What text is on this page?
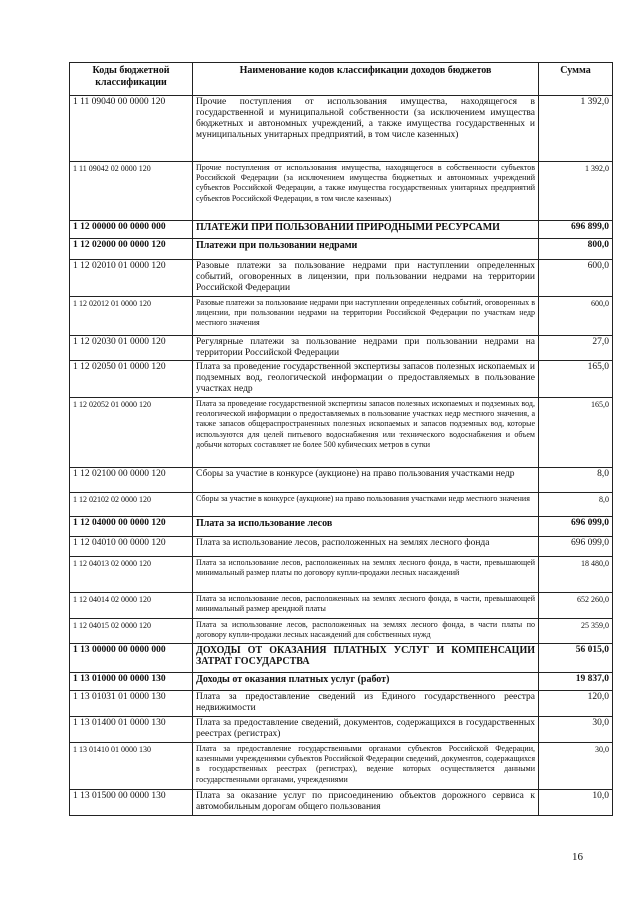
Коды бюджетной классификации	Наименование кодов классификации доходов бюджетов	Сумма
1 11 09040 00 0000 120	Прочие поступления от использования имущества, находящегося в государственной и муниципальной собственности (за исключением имущества бюджетных и автономных учреждений, а также имущества государственных и муниципальных унитарных предприятий, в том числе казенных)	1 392,0
1 11 09042 02 0000 120	Прочие поступления от использования имущества, находящегося в собственности субъектов Российской Федерации (за исключением имущества бюджетных и автономных учреждений субъектов Российской Федерации, а также имущества государственных унитарных предприятий субъектов Российской Федерации, в том числе казенных)	1 392,0
1 12 00000 00 0000 000	ПЛАТЕЖИ ПРИ ПОЛЬЗОВАНИИ ПРИРОДНЫМИ РЕСУРСАМИ	696 899,0
1 12 02000 00 0000 120	Платежи при пользовании недрами	800,0
1 12 02010 01 0000 120	Разовые платежи за пользование недрами при наступлении определенных событий, оговоренных в лицензии, при пользовании недрами на территории Российской Федерации	600,0
1 12 02012 01 0000 120	Разовые платежи за пользование недрами при наступлении определенных событий, оговоренных в лицензии, при пользовании недрами на территории Российской Федерации по участкам недр местного значения	600,0
1 12 02030 01 0000 120	Регулярные платежи за пользование недрами при пользовании недрами на территории Российской Федерации	27,0
1 12 02050 01 0000 120	Плата за проведение государственной экспертизы запасов полезных ископаемых и подземных вод, геологической информации о предоставляемых в пользование участках недр	165,0
1 12 02052 01 0000 120	Плата за проведение государственной экспертизы запасов полезных ископаемых и подземных вод, геологической информации о предоставляемых в пользование участках недр местного значения, а также запасов общераспространенных полезных ископаемых и запасов подземных вод, которые используются для целей питьевого водоснабжения или технического водоснабжения и объем добычи которых составляет не более 500 кубических метров в сутки	165,0
1 12 02100 00 0000 120	Сборы за участие в конкурсе (аукционе) на право пользования участками недр	8,0
1 12 02102 02 0000 120	Сборы за участие в конкурсе (аукционе) на право пользования участками недр местного значения	8,0
1 12 04000 00 0000 120	Плата за использование лесов	696 099,0
1 12 04010 00 0000 120	Плата за использование лесов, расположенных на землях лесного фонда	696 099,0
1 12 04013 02 0000 120	Плата за использование лесов, расположенных на землях лесного фонда, в части, превышающей минимальный размер платы по договору купли-продажи лесных насаждений	18 480,0
1 12 04014 02 0000 120	Плата за использование лесов, расположенных на землях лесного фонда, в части, превышающей минимальный размер арендной платы	652 260,0
1 12 04015 02 0000 120	Плата за использование лесов, расположенных на землях лесного фонда, в части платы по договору купли-продажи лесных насаждений для собственных нужд	25 359,0
1 13 00000 00 0000 000	ДОХОДЫ ОТ ОКАЗАНИЯ ПЛАТНЫХ УСЛУГ И КОМПЕНСАЦИИ ЗАТРАТ ГОСУДАРСТВА	56 015,0
1 13 01000 00 0000 130	Доходы от оказания платных услуг (работ)	19 837,0
1 13 01031 01 0000 130	Плата за предоставление сведений из Единого государственного реестра недвижимости	120,0
1 13 01400 01 0000 130	Плата за предоставление сведений, документов, содержащихся в государственных реестрах (регистрах)	30,0
1 13 01410 01 0000 130	Плата за предоставление государственными органами субъектов Российской Федерации, казенными учреждениями субъектов Российской Федерации сведений, документов, содержащихся в государственных реестрах (регистрах), ведение которых осуществляется данными государственными органами, учреждениями	30,0
1 13 01500 00 0000 130	Плата за оказание услуг по присоединению объектов дорожного сервиса к автомобильным дорогам общего пользования	10,0
16
